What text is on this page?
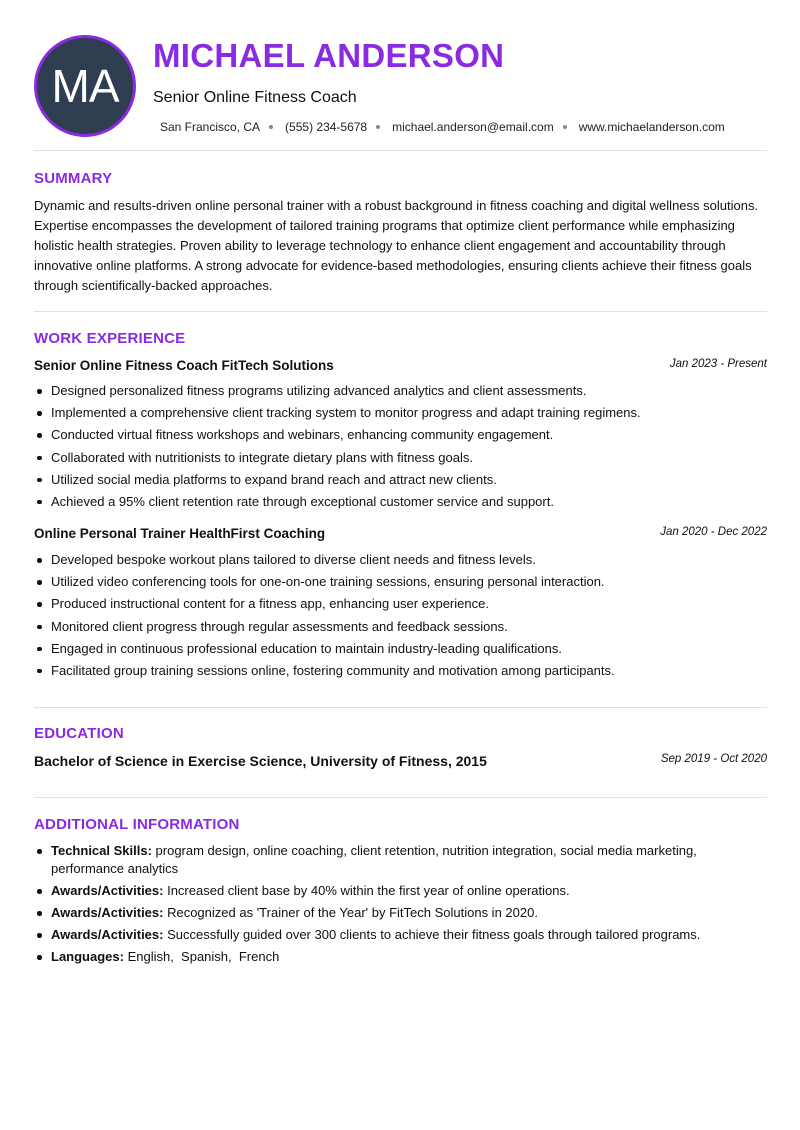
MA
MICHAEL ANDERSON
Senior Online Fitness Coach
San Francisco, CA (555) 234-5678 michael.anderson@email.com www.michaelanderson.com
SUMMARY
Dynamic and results-driven online personal trainer with a robust background in fitness coaching and digital wellness solutions. Expertise encompasses the development of tailored training programs that optimize client performance while emphasizing holistic health strategies. Proven ability to leverage technology to enhance client engagement and accountability through innovative online platforms. A strong advocate for evidence-based methodologies, ensuring clients achieve their fitness goals through scientifically-backed approaches.
WORK EXPERIENCE
Senior Online Fitness Coach FitTech Solutions	Jan 2023 - Present
Designed personalized fitness programs utilizing advanced analytics and client assessments.
Implemented a comprehensive client tracking system to monitor progress and adapt training regimens.
Conducted virtual fitness workshops and webinars, enhancing community engagement.
Collaborated with nutritionists to integrate dietary plans with fitness goals.
Utilized social media platforms to expand brand reach and attract new clients.
Achieved a 95% client retention rate through exceptional customer service and support.
Online Personal Trainer HealthFirst Coaching	Jan 2020 - Dec 2022
Developed bespoke workout plans tailored to diverse client needs and fitness levels.
Utilized video conferencing tools for one-on-one training sessions, ensuring personal interaction.
Produced instructional content for a fitness app, enhancing user experience.
Monitored client progress through regular assessments and feedback sessions.
Engaged in continuous professional education to maintain industry-leading qualifications.
Facilitated group training sessions online, fostering community and motivation among participants.
EDUCATION
Bachelor of Science in Exercise Science, University of Fitness, 2015	Sep 2019 - Oct 2020
ADDITIONAL INFORMATION
Technical Skills: program design, online coaching, client retention, nutrition integration, social media marketing, performance analytics
Awards/Activities: Increased client base by 40% within the first year of online operations.
Awards/Activities: Recognized as 'Trainer of the Year' by FitTech Solutions in 2020.
Awards/Activities: Successfully guided over 300 clients to achieve their fitness goals through tailored programs.
Languages: English,  Spanish,  French
